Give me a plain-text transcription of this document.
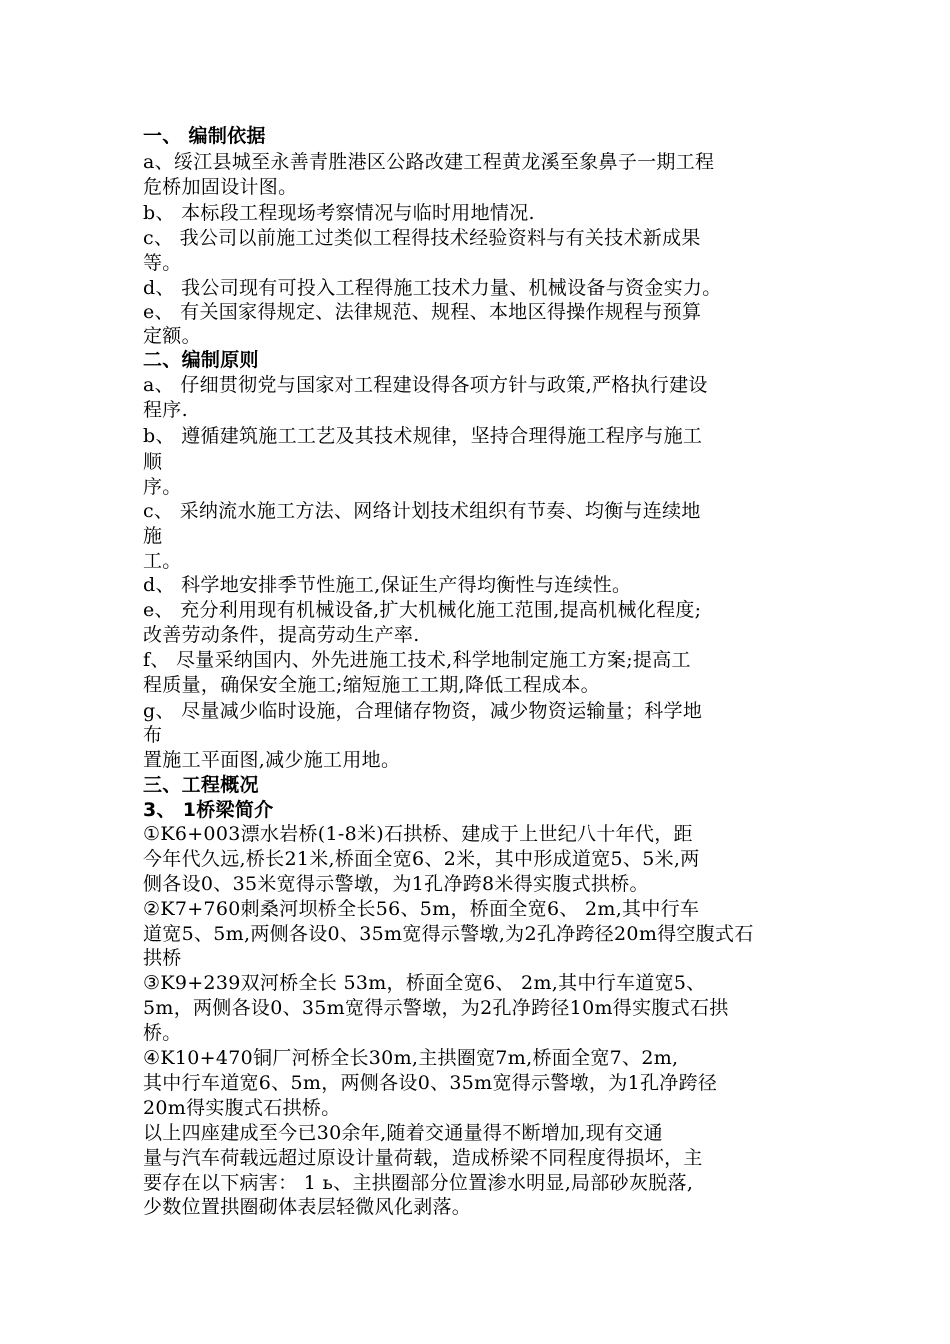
一、 编制依据

a、绥江县城至永善青胜港区公路改建工程黄龙溪至象鼻子一期工程

危桥加固设计图。

b、 本标段工程现场考察情况与临时用地情况.

c、 我公司以前施工过类似工程得技术经验资料与有关技术新成果

等。

d、 我公司现有可投入工程得施工技术力量、机械设备与资金实力。

e、 有关国家得规定、法律规范、规程、本地区得操作规程与预算

定额。

二、编制原则

a、 仔细贯彻党与国家对工程建设得各项方针与政策,严格执行建设

程序.

b、 遵循建筑施工工艺及其技术规律，坚持合理得施工程序与施工

顺

序。

c、 采纳流水施工方法、网络计划技术组织有节奏、均衡与连续地

施

工。

d、 科学地安排季节性施工,保证生产得均衡性与连续性。

e、 充分利用现有机械设备,扩大机械化施工范围,提高机械化程度;

改善劳动条件，提高劳动生产率.

f、 尽量采纳国内、外先进施工技术,科学地制定施工方案;提高工

程质量，确保安全施工;缩短施工工期,降低工程成本。

g、 尽量减少临时设施，合理储存物资，减少物资运输量；科学地

布

置施工平面图,减少施工用地。

三、工程概况

3、 1桥梁简介

①K6+003漂水岩桥(1-8米)石拱桥、建成于上世纪八十年代，距

今年代久远,桥长21米,桥面全宽6、2米，其中形成道宽5、5米,两

侧各设0、35米宽得示警墩，为1孔净跨8米得实腹式拱桥。

②K7+760刺桑河坝桥全长56、5m，桥面全宽6、 2m,其中行车

道宽5、5m,两侧各设0、35m宽得示警墩,为2孔净跨径20m得空腹式石

拱桥

③K9+239双河桥全长 53m，桥面全宽6、 2m,其中行车道宽5、

5m，两侧各设0、35m宽得示警墩，为2孔净跨径10m得实腹式石拱

桥。

④K10+470铜厂河桥全长30m,主拱圈宽7m,桥面全宽7、2m,

其中行车道宽6、5m，两侧各设0、35m宽得示警墩，为1孔净跨径

20m得实腹式石拱桥。

以上四座建成至今已30余年,随着交通量得不断增加,现有交通

量与汽车荷载远超过原设计量荷载，造成桥梁不同程度得损坏，主

要存在以下病害： 1 ь、主拱圈部分位置渗水明显,局部砂灰脱落,

少数位置拱圈砌体表层轻微风化剥落。
